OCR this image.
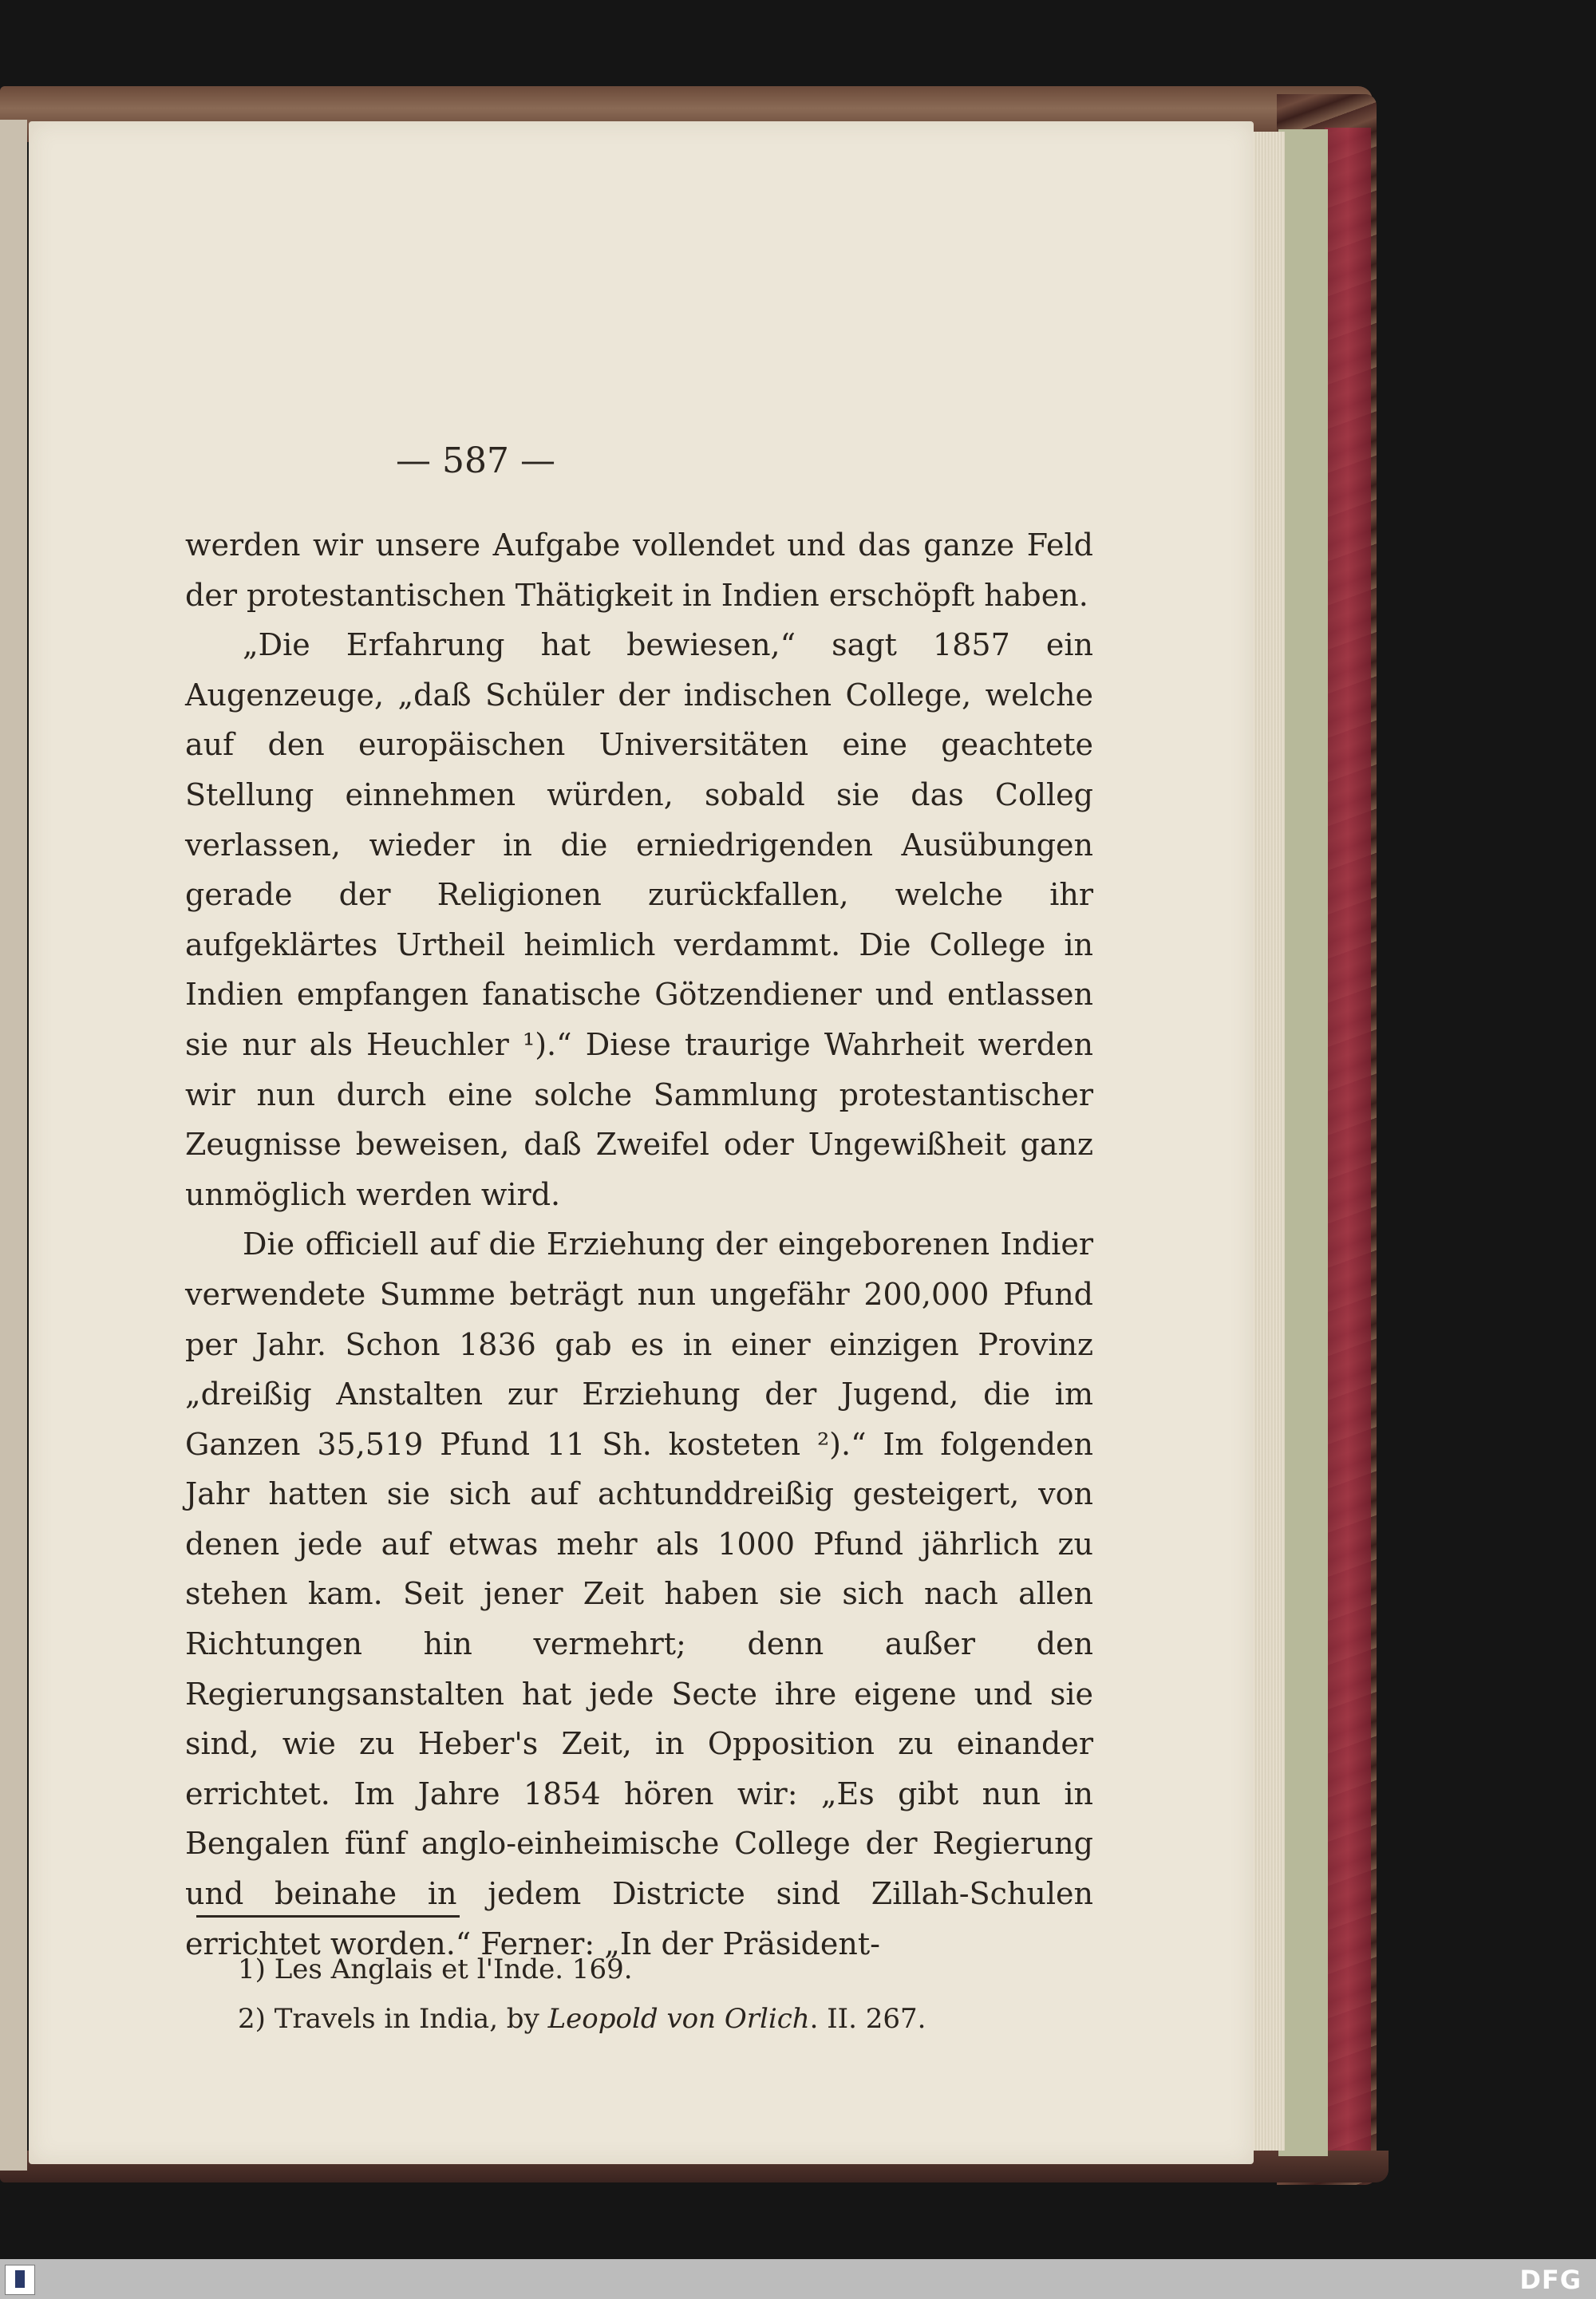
— 587 —

werden wir unsere Aufgabe vollendet und das ganze Feld der protestantischen Thätigkeit in Indien erschöpft haben.

„Die Erfahrung hat bewiesen,“ sagt 1857 ein Augenzeuge, „daß Schüler der indischen College, welche auf den europäischen Universitäten eine geachtete Stellung einnehmen würden, sobald sie das Colleg verlassen, wieder in die erniedrigenden Ausübungen gerade der Religionen zurückfallen, welche ihr aufgeklärtes Urtheil heimlich verdammt. Die College in Indien empfangen fanatische Götzendiener und entlassen sie nur als Heuchler ¹).“ Diese traurige Wahrheit werden wir nun durch eine solche Sammlung protestantischer Zeugnisse beweisen, daß Zweifel oder Ungewißheit ganz unmöglich werden wird.

Die officiell auf die Erziehung der eingeborenen Indier verwendete Summe beträgt nun ungefähr 200,000 Pfund per Jahr. Schon 1836 gab es in einer einzigen Provinz „dreißig Anstalten zur Erziehung der Jugend, die im Ganzen 35,519 Pfund 11 Sh. kosteten ²).“ Im folgenden Jahr hatten sie sich auf achtunddreißig gesteigert, von denen jede auf etwas mehr als 1000 Pfund jährlich zu stehen kam. Seit jener Zeit haben sie sich nach allen Richtungen hin vermehrt; denn außer den Regierungsanstalten hat jede Secte ihre eigene und sie sind, wie zu Heber's Zeit, in Opposition zu einander errichtet. Im Jahre 1854 hören wir: „Es gibt nun in Bengalen fünf anglo-einheimische College der Regierung und beinahe in jedem Districte sind Zillah-Schulen errichtet worden.“ Ferner: „In der Präsident-

1) Les Anglais et l'Inde. 169.
2) Travels in India, by Leopold von Orlich. II. 267.
DFG
